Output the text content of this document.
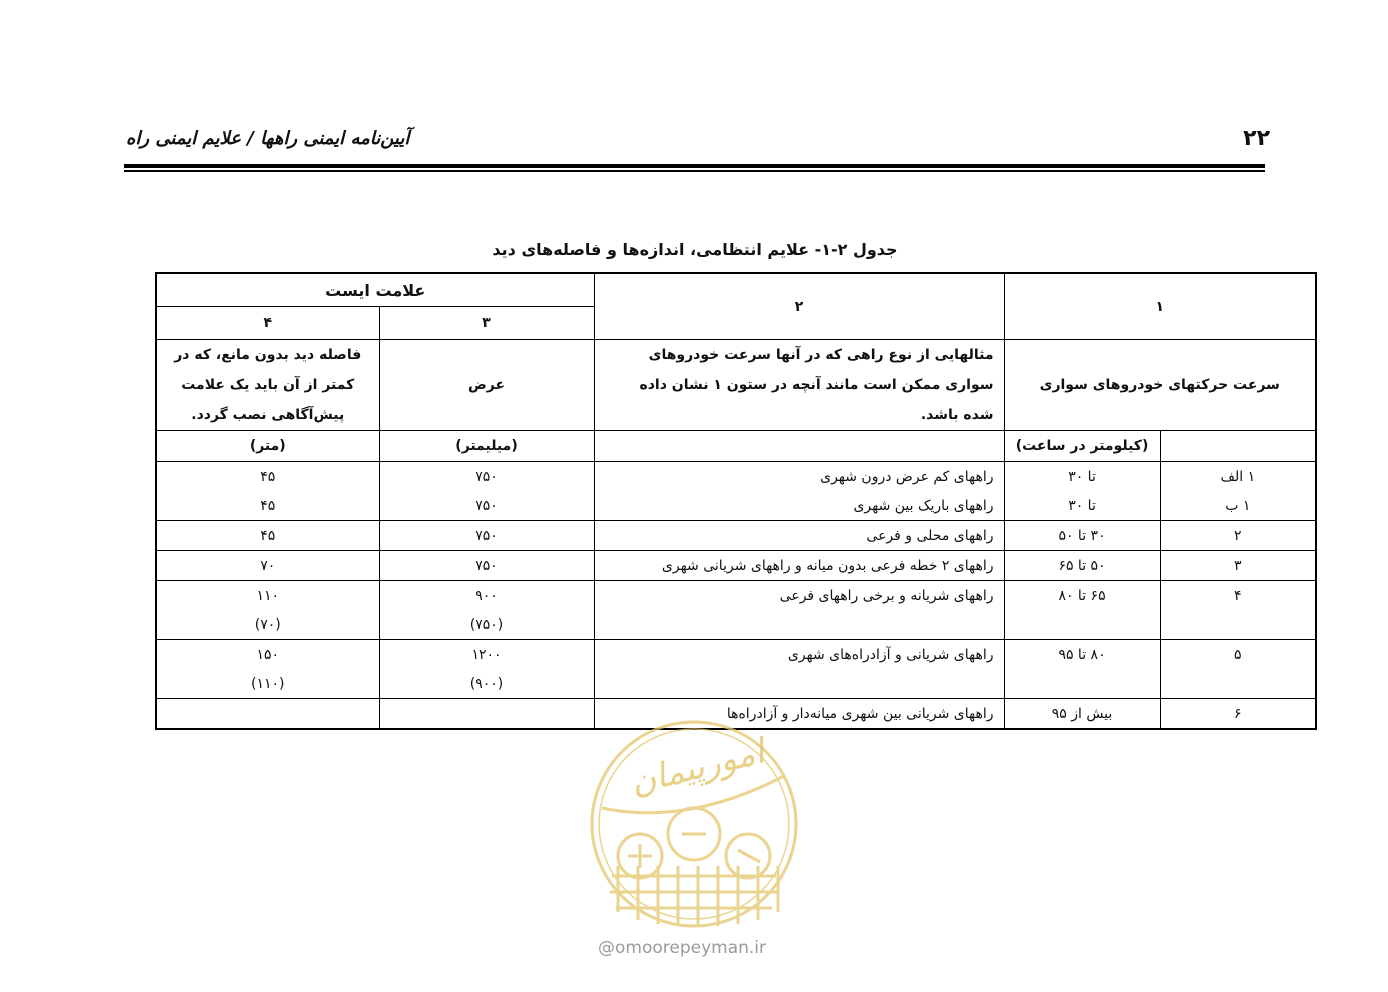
۲۲
آیین‌نامه ایمنی راهها / علایم ایمنی راه
جدول ۲-۱- علایم انتظامی، اندازه‌ها و فاصله‌های دید
۱		۲	علامت ایست	
			۳	۴
سرعت حرکتهای خودروهای سواری		مثالهایی از نوع راهی که در آنها سرعت خودروهای سواری ممکن است مانند آنچه در ستون ۱ نشان داده شده باشد.	عرض	فاصله دید بدون مانع، که در کمتر از آن باید یک علامت پیش‌آگاهی نصب گردد.
	(کیلومتر در ساعت)		(میلیمتر)	(متر)
۱ الف	تا ۳۰	راههای کم عرض درون شهری	۷۵۰	۴۵
۱ ب	تا ۳۰	راههای باریک بین شهری	۷۵۰	۴۵
۲	۳۰ تا ۵۰	راههای محلی و فرعی	۷۵۰	۴۵
۳	۵۰ تا ۶۵	راههای ۲ خطه فرعی بدون میانه و راههای شریانی شهری	۷۵۰	۷۰
۴	۶۵ تا ۸۰	راههای شریانه و برخی راههای فرعی	۹۰۰	۱۱۰
			(۷۵۰)	(۷۰)
۵	۸۰ تا ۹۵	راههای شریانی و آزادراه‌های شهری	۱۲۰۰	۱۵۰
			(۹۰۰)	(۱۱۰)
۶	بیش از ۹۵	راههای شریانی بین شهری میانه‌دار و آزادراه‌ها		
امورپیمان
@omoorepeyman.ir
